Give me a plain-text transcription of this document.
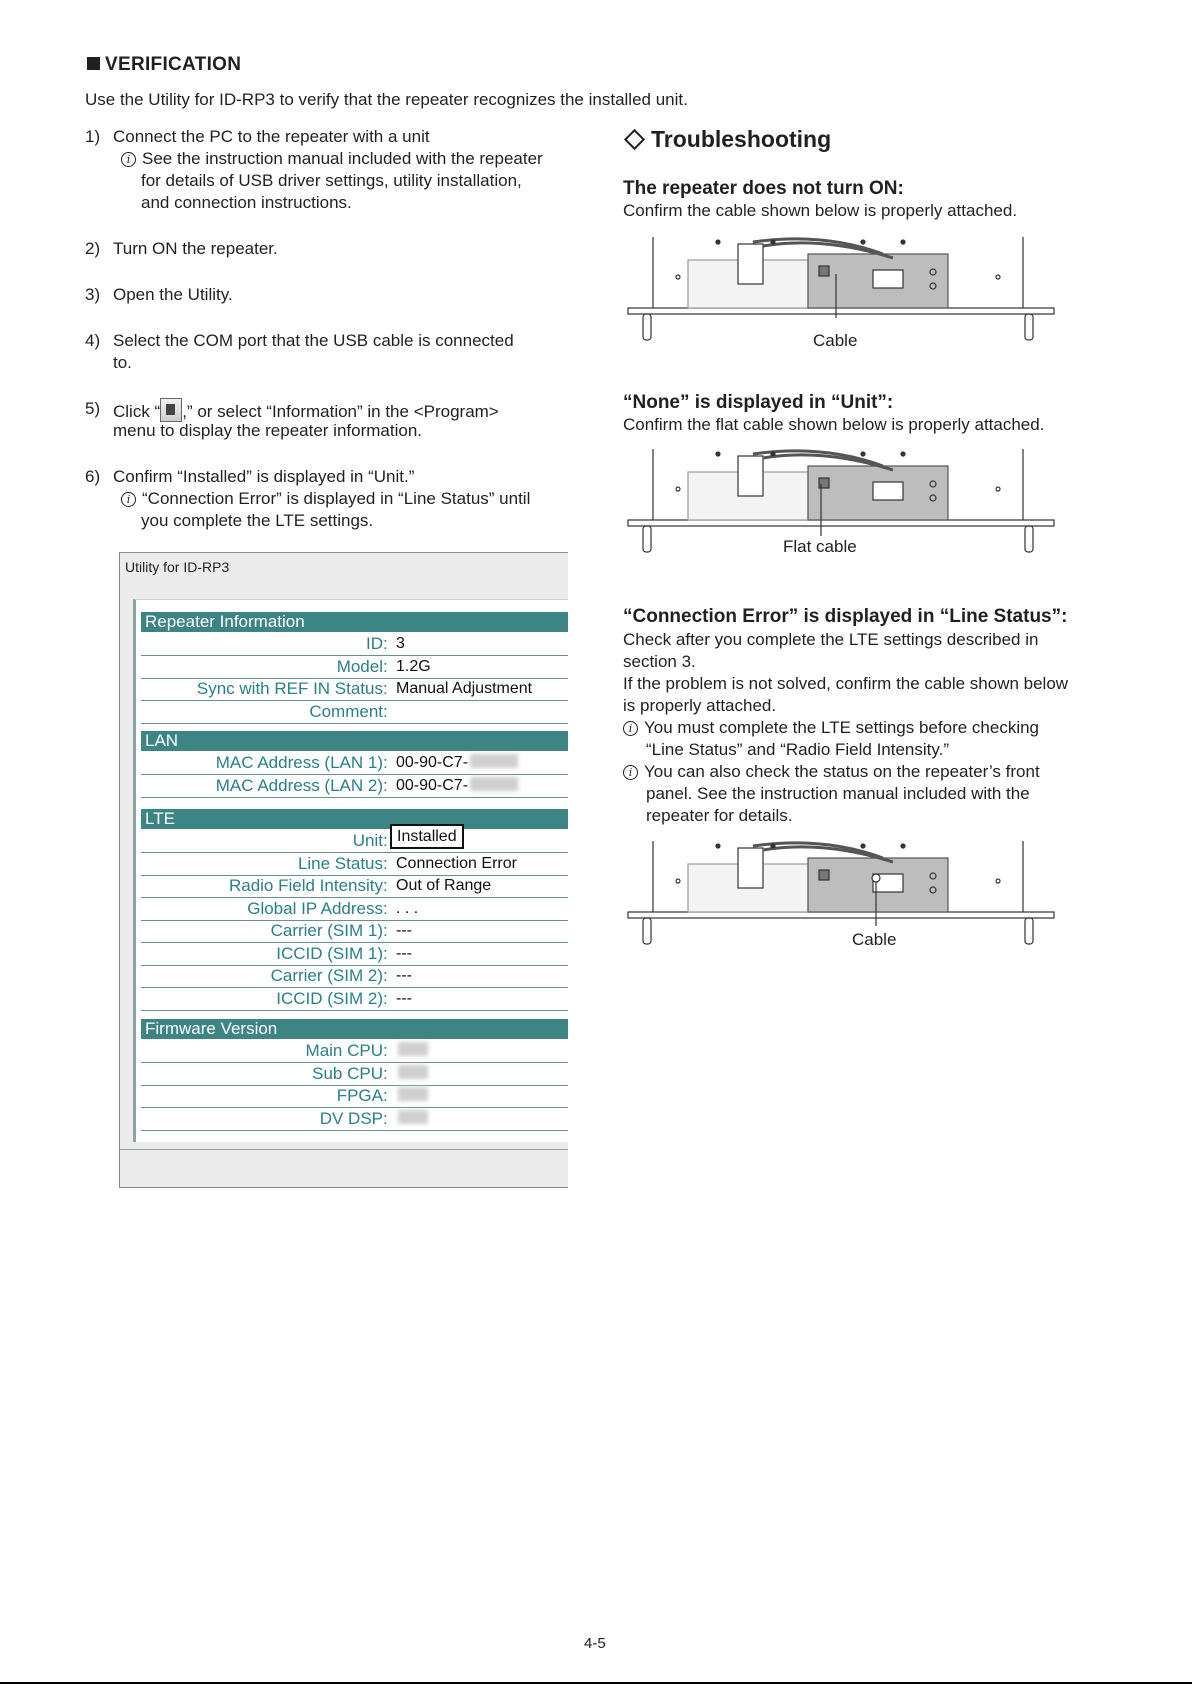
VERIFICATION
Use the Utility for ID-RP3 to verify that the repeater recognizes the installed unit.
1) Connect the PC to the repeater with a unit
i See the instruction manual included with the repeater
for details of USB driver settings, utility installation,
and connection instructions.
2) Turn ON the repeater.
3) Open the Utility.
4) Select the COM port that the USB cable is connected
to.
5) Click “ ,” or select “Information” in the <Program>
menu to display the repeater information.
6) Confirm “Installed” is displayed in “Unit.”
i “Connection Error” is displayed in “Line Status” until
you complete the LTE settings.
Utility for ID-RP3
Repeater Information
ID : 3
Model : 1.2G
Sync with REF IN Status : Manual Adjustment
Comment :
LAN
MAC Address (LAN 1) : 00-90-C7-
MAC Address (LAN 2) : 00-90-C7-
LTE
Unit : Installed
Line Status : Connection Error
Radio Field Intensity : Out of Range
Global IP Address : . . .
Carrier (SIM 1) : ---
ICCID (SIM 1) : ---
Carrier (SIM 2) : ---
ICCID (SIM 2) : ---
Firmware Version
Main CPU :
Sub CPU :
FPGA :
DV DSP :
Troubleshooting
The repeater does not turn ON:
Confirm the cable shown below is properly attached.
Cable
“None” is displayed in “Unit”:
Confirm the flat cable shown below is properly attached.
Flat cable
“Connection Error” is displayed in “Line Status”:
Check after you complete the LTE settings described in
section 3.
If the problem is not solved, confirm the cable shown below
is properly attached.
i You must complete the LTE settings before checking
“Line Status” and “Radio Field Intensity.”
i You can also check the status on the repeater’s front
panel. See the instruction manual included with the
repeater for details.
Cable
4-5
